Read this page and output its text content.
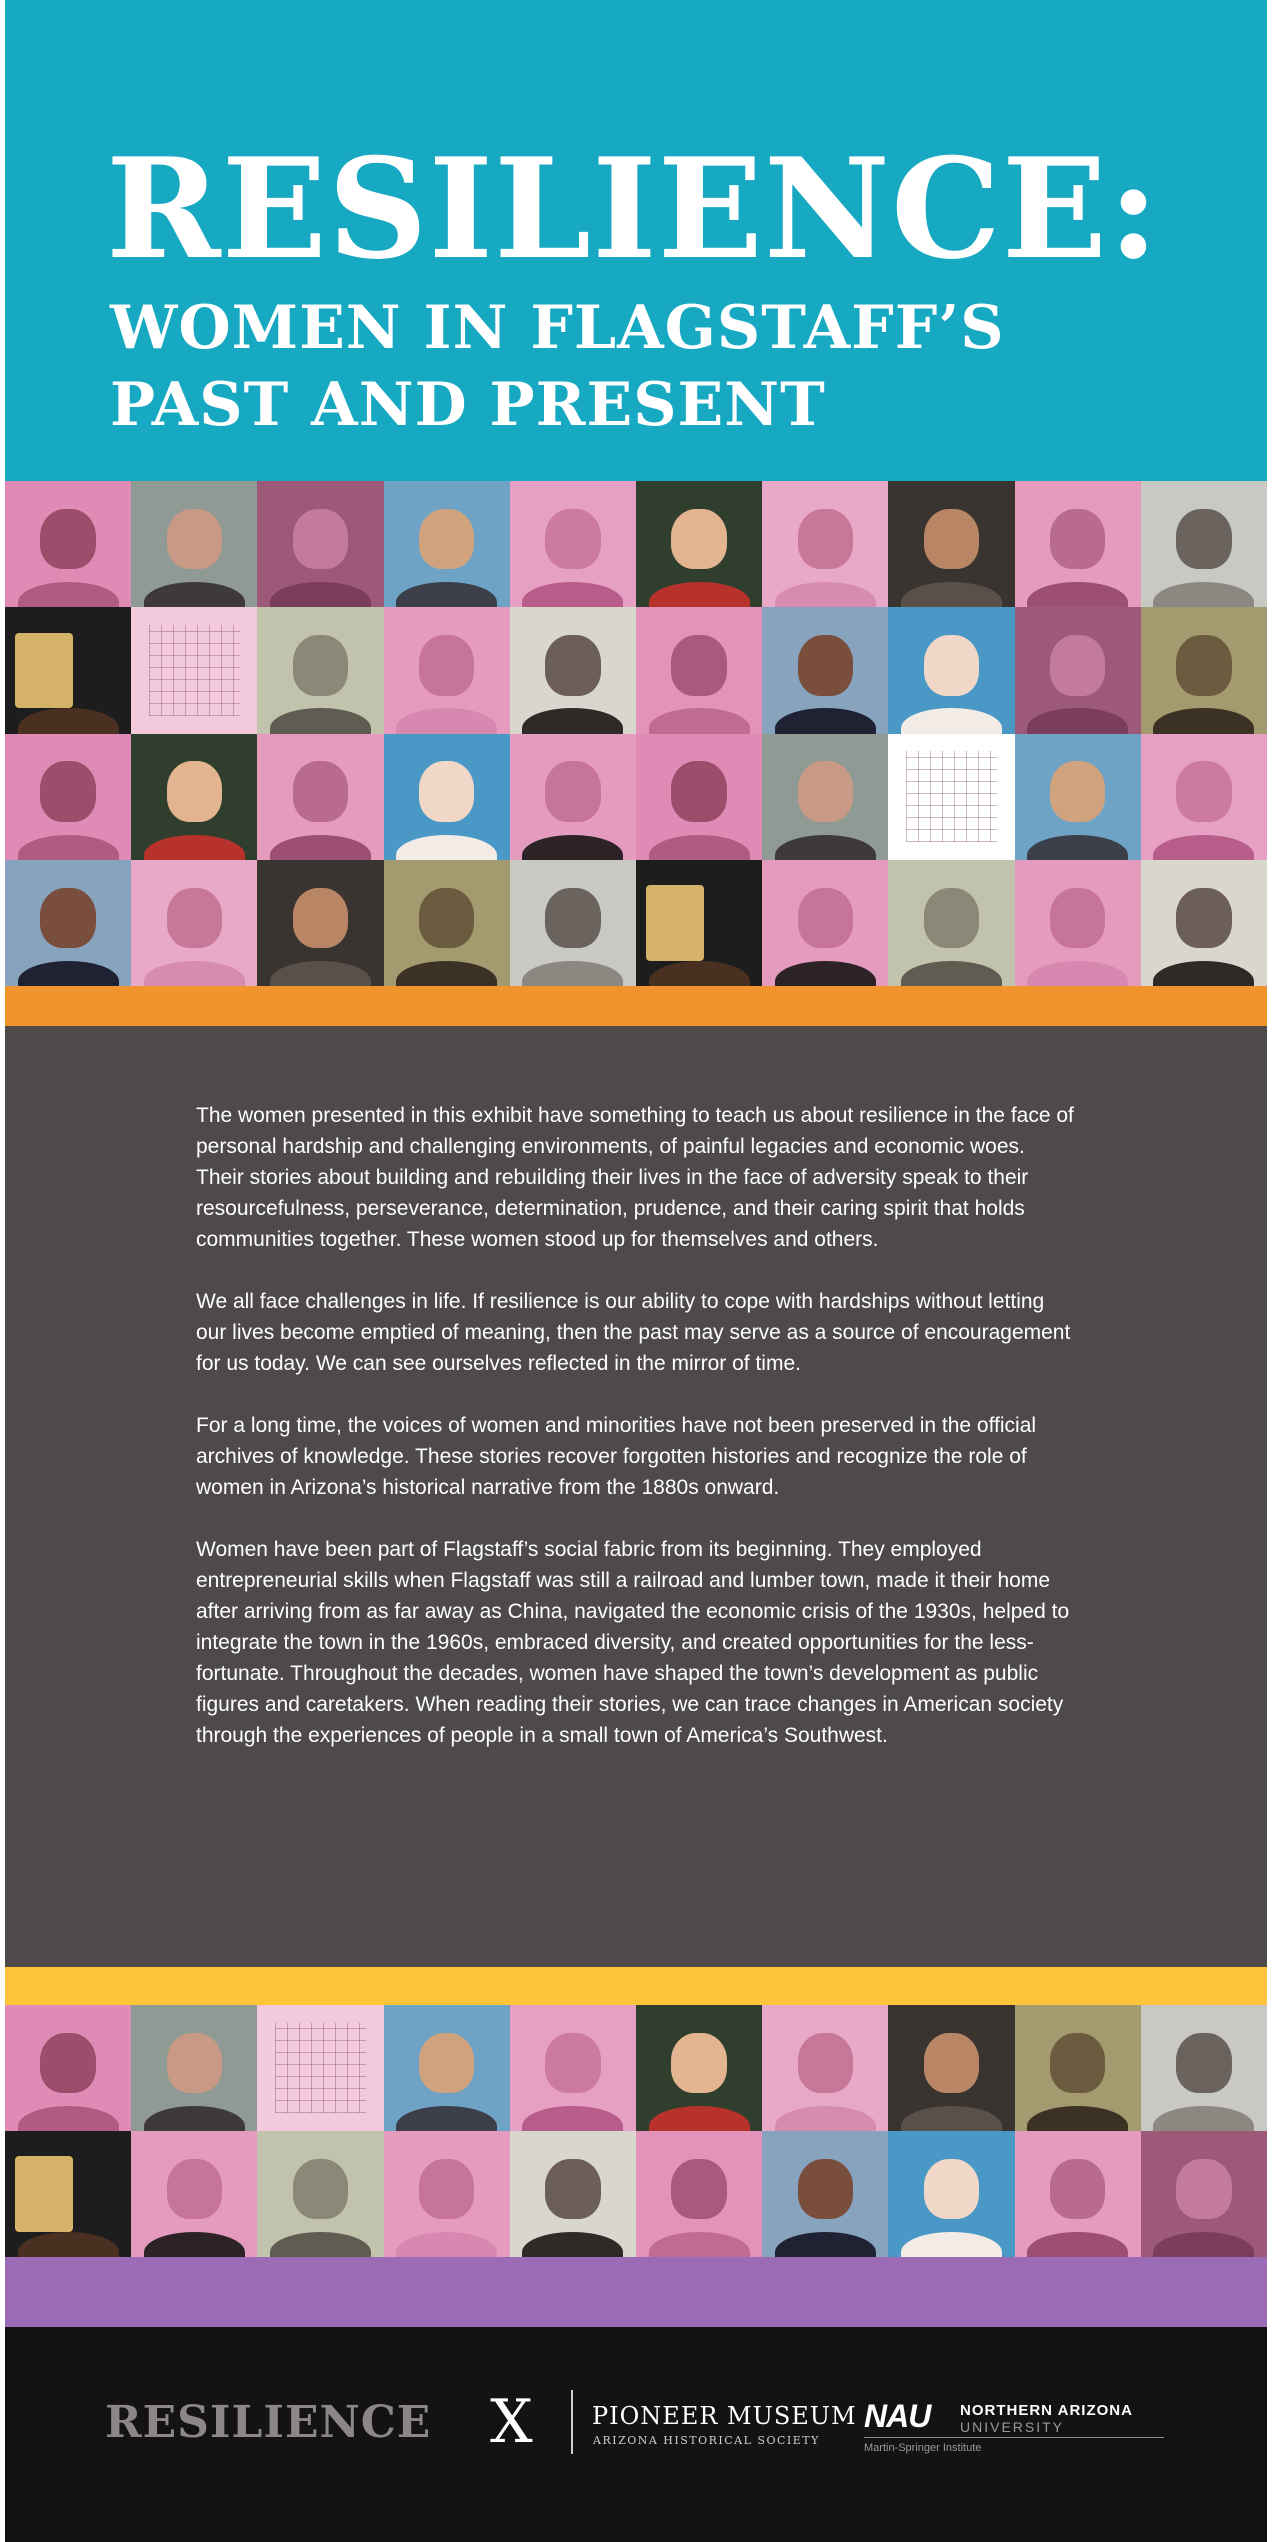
RESILIENCE:
WOMEN IN FLAGSTAFF’S
PAST AND PRESENT

The women presented in this exhibit have something to teach us about resilience in the face of personal hardship and challenging environments, of painful legacies and economic woes. Their stories about building and rebuilding their lives in the face of adversity speak to their resourcefulness, perseverance, determination, prudence, and their caring spirit that holds communities together. These women stood up for themselves and others.

We all face challenges in life. If resilience is our ability to cope with hardships without letting our lives become emptied of meaning, then the past may serve as a source of encouragement for us today. We can see ourselves reflected in the mirror of time.

For a long time, the voices of women and minorities have not been preserved in the official archives of knowledge. These stories recover forgotten histories and recognize the role of women in Arizona’s historical narrative from the 1880s onward.

Women have been part of Flagstaff’s social fabric from its beginning. They employed entrepreneurial skills when Flagstaff was still a railroad and lumber town, made it their home after arriving from as far away as China, navigated the economic crisis of the 1930s, helped to integrate the town in the 1960s, embraced diversity, and created opportunities for the less-fortunate. Throughout the decades, women have shaped the town’s development as public figures and caretakers. When reading their stories, we can trace changes in American society through the experiences of people in a small town of America’s Southwest.

RESILIENCE X PIONEER MUSEUM
ARIZONA HISTORICAL SOCIETY
NAU NORTHERN ARIZONA
UNIVERSITY
Martin-Springer Institute
